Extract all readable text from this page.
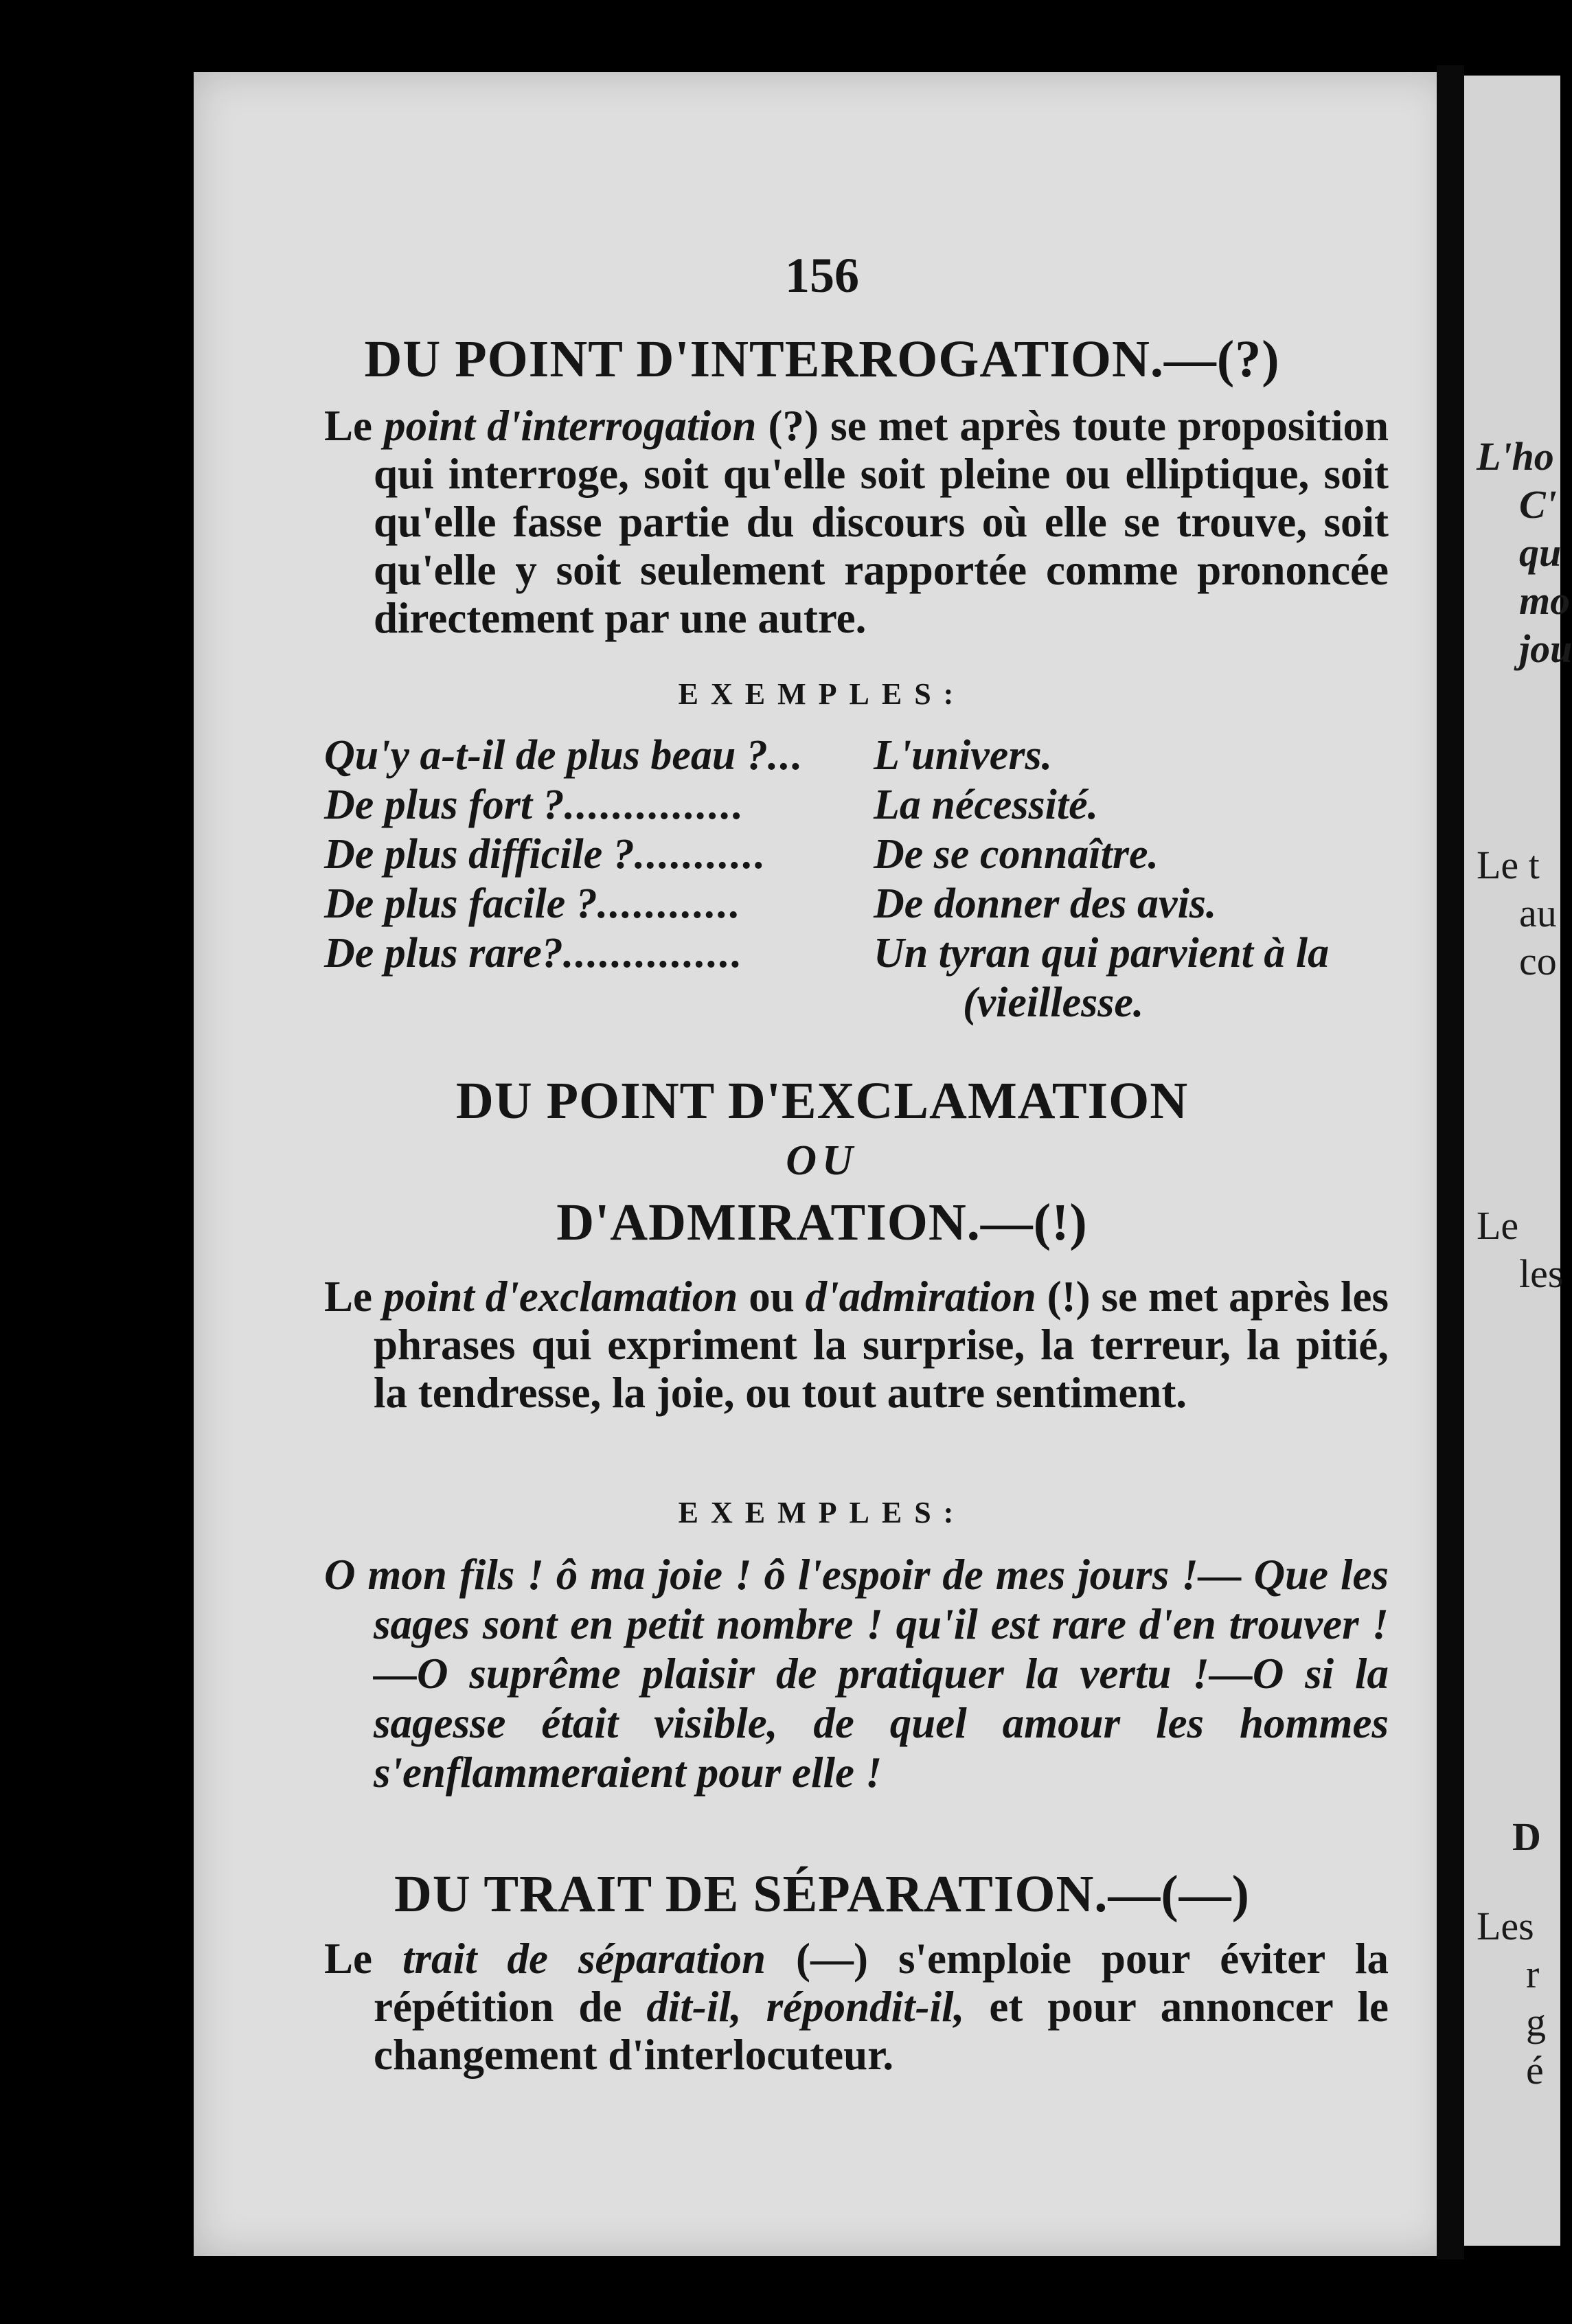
156
DU POINT D'INTERROGATION.—(?)
Le point d'interrogation (?) se met après toute proposition qui interroge, soit qu'elle soit pleine ou elliptique, soit qu'elle fasse partie du discours où elle se trouve, soit qu'elle y soit seulement rapportée comme prononcée directement par une autre.
EXEMPLES:
Qu'y a-t-il de plus beau ?... L'univers.
De plus fort ?...............	La nécessité.
De plus difficile ?...........	De se connaître.
De plus facile ?............	De donner des avis.
De plus rare?...............	Un tyran qui parvient à la
(vieillesse.
DU POINT D'EXCLAMATION
OU
D'ADMIRATION.—(!)
Le point d'exclamation ou d'admiration (!) se met après les phrases qui expriment la surprise, la terreur, la pitié, la tendresse, la joie, ou tout autre sentiment.
EXEMPLES:
O mon fils ! ô ma joie ! ô l'espoir de mes jours !— Que les sages sont en petit nombre ! qu'il est rare d'en trouver !—O suprême plaisir de pratiquer la vertu !—O si la sagesse était visible, de quel amour les hommes s'enflammeraient pour elle !
DU TRAIT DE SÉPARATION.—(—)
Le trait de séparation (—) s'emploie pour éviter la répétition de dit-il, répondit-il, et pour annoncer le changement d'interlocuteur.
L'ho
C'
qu
mo
jou
Le t
au
co
Le
les
D
Les
r
g
é
